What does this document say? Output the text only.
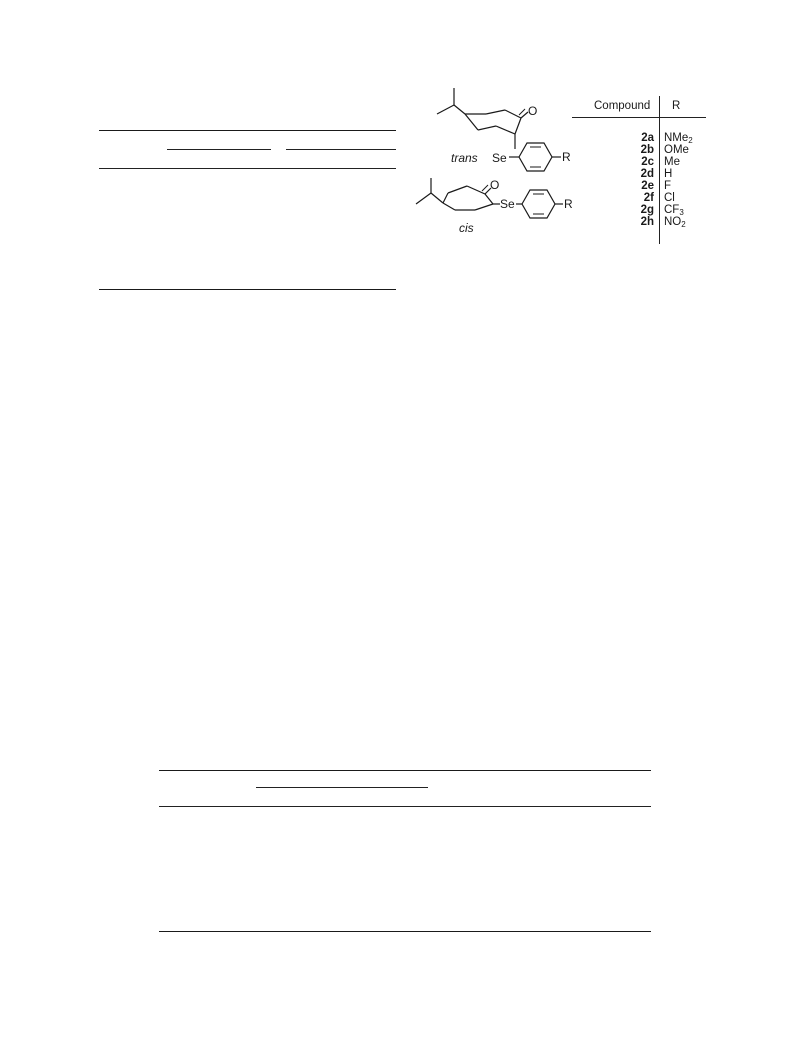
O
Se	R
trans
O
Se	R
cis
Compound R
2a NMe$_2$
2b OMe
2c Me
2d H
2e F
2f Cl
2g $CF_3$
2h $NO_2$
